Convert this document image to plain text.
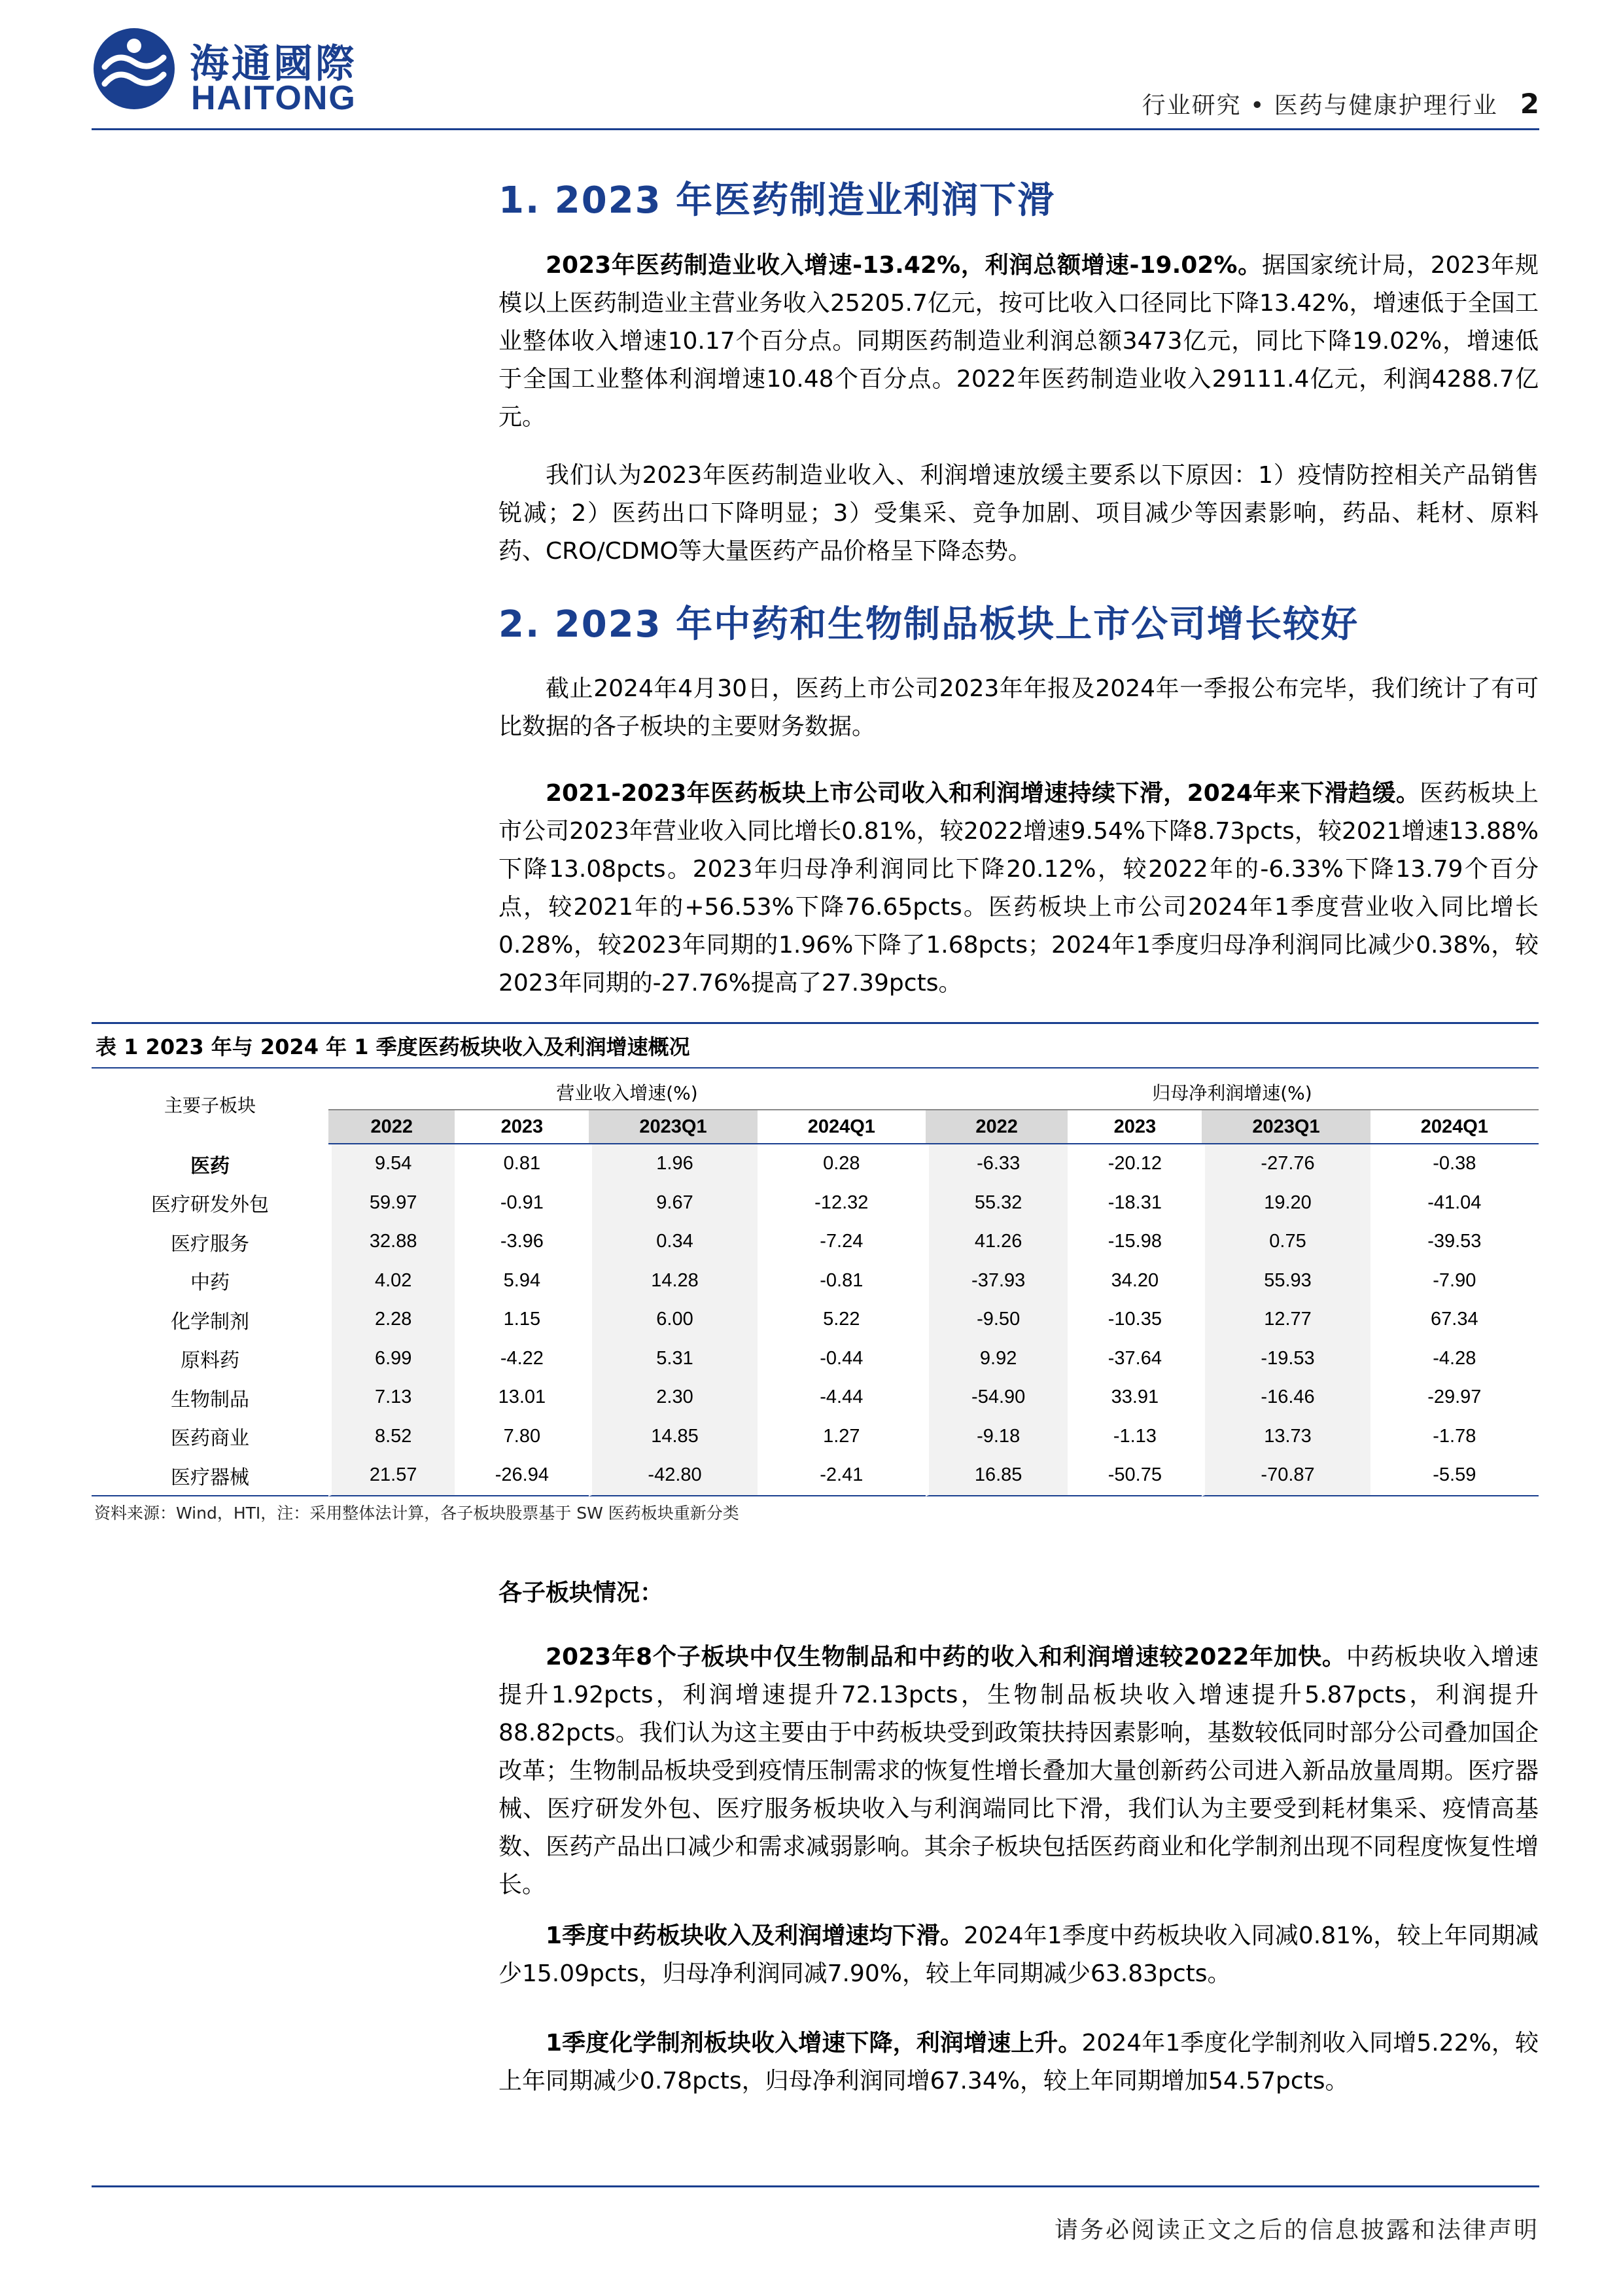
海通國際
HAITONG	行业研究 • 医药与健康护理行业 2
1. 2023 年医药制造业利润下滑

2023年医药制造业收入增速-13.42%，利润总额增速-19.02%。据国家统计局，2023年规模以上医药制造业主营业务收入25205.7亿元，按可比收入口径同比下降13.42%，增速低于全国工业整体收入增速10.17个百分点。同期医药制造业利润总额3473亿元，同比下降19.02%，增速低于全国工业整体利润增速10.48个百分点。2022年医药制造业收入29111.4亿元，利润4288.7亿元。

我们认为2023年医药制造业收入、利润增速放缓主要系以下原因：1）疫情防控相关产品销售锐减；2）医药出口下降明显；3）受集采、竞争加剧、项目减少等因素影响，药品、耗材、原料药、CRO/CDMO等大量医药产品价格呈下降态势。

2. 2023 年中药和生物制品板块上市公司增长较好

截止2024年4月30日，医药上市公司2023年年报及2024年一季报公布完毕，我们统计了有可比数据的各子板块的主要财务数据。

2021-2023年医药板块上市公司收入和利润增速持续下滑，2024年来下滑趋缓。医药板块上市公司2023年营业收入同比增长0.81%，较2022增速9.54%下降8.73pcts，较2021增速13.88%下降13.08pcts。2023年归母净利润同比下降20.12%，较2022年的-6.33%下降13.79个百分点，较2021年的+56.53%下降76.65pcts。医药板块上市公司2024年1季度营业收入同比增长0.28%，较2023年同期的1.96%下降了1.68pcts；2024年1季度归母净利润同比减少0.38%，较2023年同期的-27.76%提高了27.39pcts。

表 1 2023 年与 2024 年 1 季度医药板块收入及利润增速概况
主要子板块	营业收入增速(%)				归母净利润增速(%)			
	2022	2023	2023Q1	2024Q1	2022	2023	2023Q1	2024Q1
医药	9.54	0.81	1.96	0.28	-6.33	-20.12	-27.76	-0.38
医疗研发外包	59.97	-0.91	9.67	-12.32	55.32	-18.31	19.20	-41.04
医疗服务	32.88	-3.96	0.34	-7.24	41.26	-15.98	0.75	-39.53
中药	4.02	5.94	14.28	-0.81	-37.93	34.20	55.93	-7.90
化学制剂	2.28	1.15	6.00	5.22	-9.50	-10.35	12.77	67.34
原料药	6.99	-4.22	5.31	-0.44	9.92	-37.64	-19.53	-4.28
生物制品	7.13	13.01	2.30	-4.44	-54.90	33.91	-16.46	-29.97
医药商业	8.52	7.80	14.85	1.27	-9.18	-1.13	13.73	-1.78
医疗器械	21.57	-26.94	-42.80	-2.41	16.85	-50.75	-70.87	-5.59
资料来源：Wind，HTI，注：采用整体法计算，各子板块股票基于 SW 医药板块重新分类

各子板块情况：

2023年8个子板块中仅生物制品和中药的收入和利润增速较2022年加快。中药板块收入增速提升1.92pcts，利润增速提升72.13pcts，生物制品板块收入增速提升5.87pcts，利润提升88.82pcts。我们认为这主要由于中药板块受到政策扶持因素影响，基数较低同时部分公司叠加国企改革；生物制品板块受到疫情压制需求的恢复性增长叠加大量创新药公司进入新品放量周期。医疗器械、医疗研发外包、医疗服务板块收入与利润端同比下滑，我们认为主要受到耗材集采、疫情高基数、医药产品出口减少和需求减弱影响。其余子板块包括医药商业和化学制剂出现不同程度恢复性增长。

1季度中药板块收入及利润增速均下滑。2024年1季度中药板块收入同减0.81%，较上年同期减少15.09pcts，归母净利润同减7.90%，较上年同期减少63.83pcts。

1季度化学制剂板块收入增速下降，利润增速上升。2024年1季度化学制剂收入同增5.22%，较上年同期减少0.78pcts，归母净利润同增67.34%，较上年同期增加54.57pcts。

请务必阅读正文之后的信息披露和法律声明
